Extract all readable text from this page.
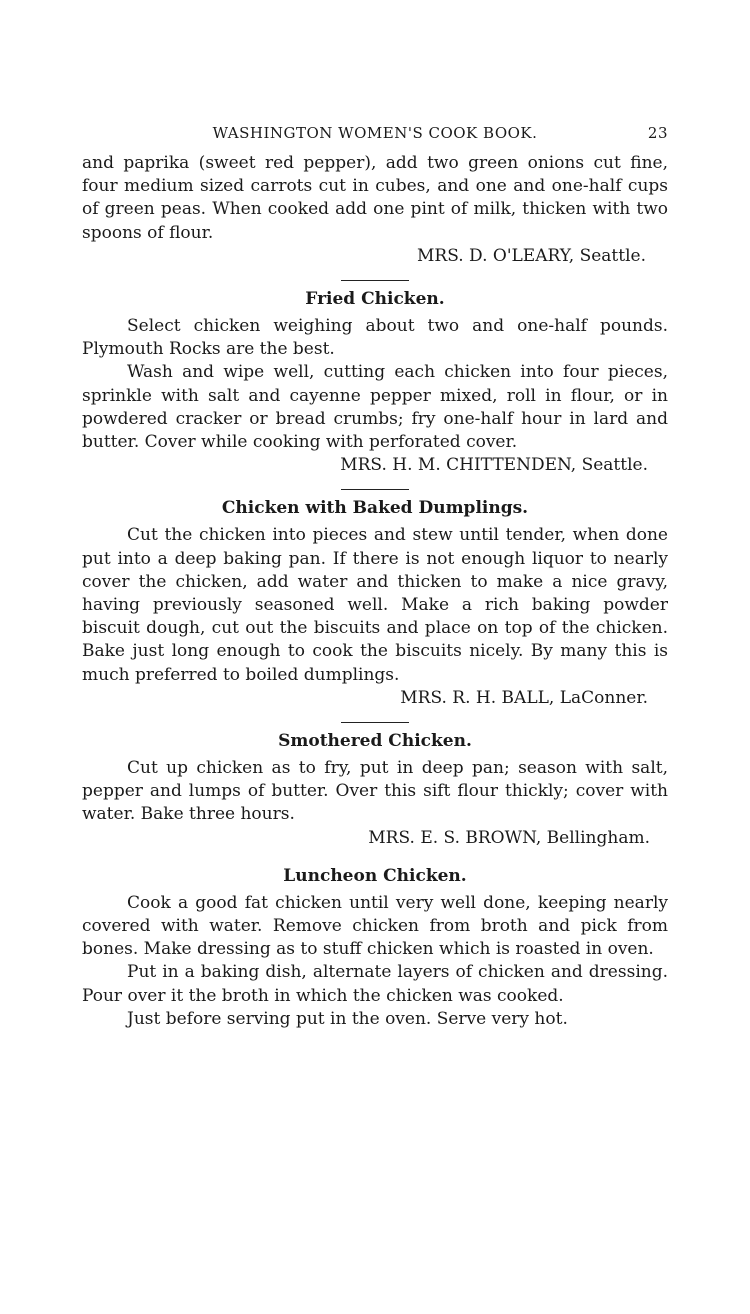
WASHINGTON WOMEN'S COOK BOOK.	23

and paprika (sweet red pepper), add two green onions cut fine, four medium sized carrots cut in cubes, and one and one-half cups of green peas. When cooked add one pint of milk, thicken with two spoons of flour.

MRS. D. O'LEARY, Seattle.
Fried Chicken.

Select chicken weighing about two and one-half pounds. Plymouth Rocks are the best.

Wash and wipe well, cutting each chicken into four pieces, sprinkle with salt and cayenne pepper mixed, roll in flour, or in powdered cracker or bread crumbs; fry one-half hour in lard and butter. Cover while cooking with perforated cover.

MRS. H. M. CHITTENDEN, Seattle.
Chicken with Baked Dumplings.

Cut the chicken into pieces and stew until tender, when done put into a deep baking pan. If there is not enough liquor to nearly cover the chicken, add water and thicken to make a nice gravy, having previously seasoned well. Make a rich baking powder biscuit dough, cut out the biscuits and place on top of the chicken. Bake just long enough to cook the biscuits nicely. By many this is much preferred to boiled dumplings.

MRS. R. H. BALL, LaConner.
Smothered Chicken.

Cut up chicken as to fry, put in deep pan; season with salt, pepper and lumps of butter. Over this sift flour thickly; cover with water. Bake three hours.

MRS. E. S. BROWN, Bellingham.
Luncheon Chicken.

Cook a good fat chicken until very well done, keeping nearly covered with water. Remove chicken from broth and pick from bones. Make dressing as to stuff chicken which is roasted in oven.

Put in a baking dish, alternate layers of chicken and dressing. Pour over it the broth in which the chicken was cooked.

Just before serving put in the oven. Serve very hot.
